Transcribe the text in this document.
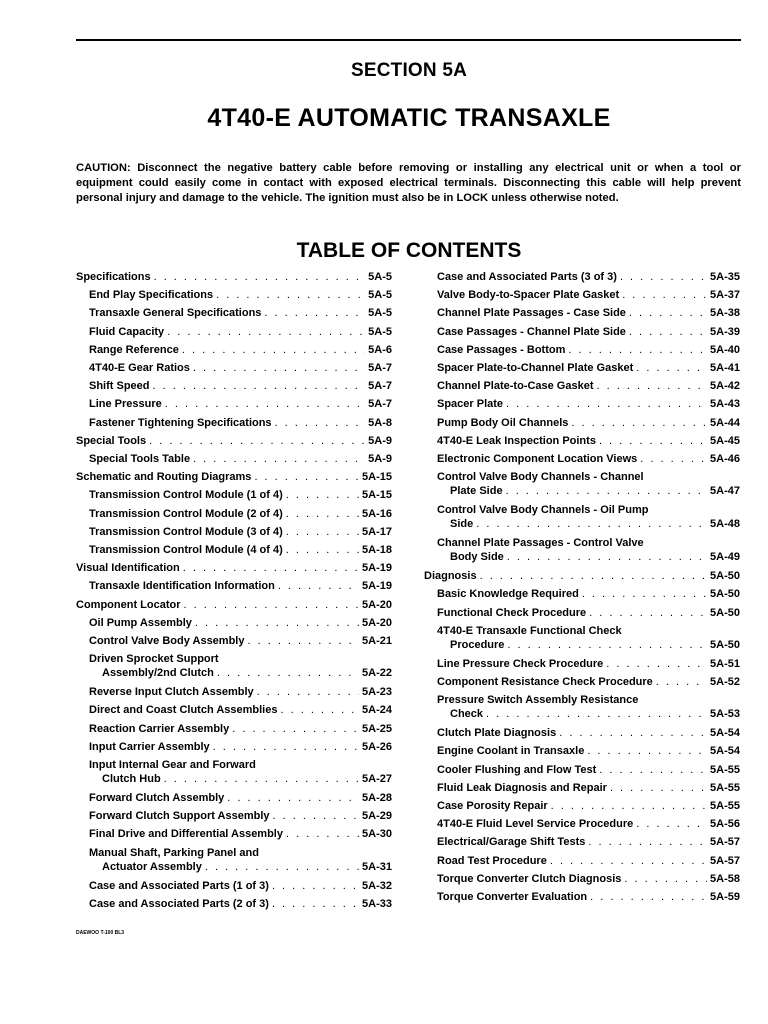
SECTION 5A
4T40-E AUTOMATIC TRANSAXLE
CAUTION: Disconnect the negative battery cable before removing or installing any electrical unit or when a tool or equipment could easily come in contact with exposed electrical terminals. Disconnecting this cable will help prevent personal injury and damage to the vehicle. The ignition must also be in LOCK unless otherwise noted.
TABLE OF CONTENTS
Specifications . . .	5A-5
End Play Specifications . . .	5A-5
Transaxle General Specifications . . .	5A-5
Fluid Capacity . . .	5A-5
Range Reference . . .	5A-6
4T40-E Gear Ratios . . .	5A-7
Shift Speed . . .	5A-7
Line Pressure . . .	5A-7
Fastener Tightening Specifications . . .	5A-8
Special Tools . . .	5A-9
Special Tools Table . . .	5A-9
Schematic and Routing Diagrams . . .	5A-15
Transmission Control Module (1 of 4) . . .	5A-15
Transmission Control Module (2 of 4) . . .	5A-16
Transmission Control Module (3 of 4) . . .	5A-17
Transmission Control Module (4 of 4) . . .	5A-18
Visual Identification . . .	5A-19
Transaxle Identification Information . . .	5A-19
Component Locator . . .	5A-20
Oil Pump Assembly . . .	5A-20
Control Valve Body Assembly . . .	5A-21
Driven Sprocket Support
Assembly/2nd Clutch . . .	5A-22
Reverse Input Clutch Assembly . . .	5A-23
Direct and Coast Clutch Assemblies . . .	5A-24
Reaction Carrier Assembly . . .	5A-25
Input Carrier Assembly . . .	5A-26
Input Internal Gear and Forward
Clutch Hub . . .	5A-27
Forward Clutch Assembly . . .	5A-28
Forward Clutch Support Assembly . . .	5A-29
Final Drive and Differential Assembly . . .	5A-30
Manual Shaft, Parking Panel and
Actuator Assembly . . .	5A-31
Case and Associated Parts (1 of 3) . . .	5A-32
Case and Associated Parts (2 of 3) . . .	5A-33
Case and Associated Parts (3 of 3) . . .	5A-35
Valve Body-to-Spacer Plate Gasket . . .	5A-37
Channel Plate Passages - Case Side . . .	5A-38
Case Passages - Channel Plate Side . . .	5A-39
Case Passages - Bottom . . .	5A-40
Spacer Plate-to-Channel Plate Gasket . . .	5A-41
Channel Plate-to-Case Gasket . . .	5A-42
Spacer Plate . . .	5A-43
Pump Body Oil Channels . . .	5A-44
4T40-E Leak Inspection Points . . .	5A-45
Electronic Component Location Views . . .	5A-46
Control Valve Body Channels - Channel
Plate Side . . .	5A-47
Control Valve Body Channels - Oil Pump
Side . . .	5A-48
Channel Plate Passages - Control Valve
Body Side . . .	5A-49
Diagnosis . . .	5A-50
Basic Knowledge Required . . .	5A-50
Functional Check Procedure . . .	5A-50
4T40-E Transaxle Functional Check
Procedure . . .	5A-50
Line Pressure Check Procedure . . .	5A-51
Component Resistance Check Procedure . . .	5A-52
Pressure Switch Assembly Resistance
Check . . .	5A-53
Clutch Plate Diagnosis . . .	5A-54
Engine Coolant in Transaxle . . .	5A-54
Cooler Flushing and Flow Test . . .	5A-55
Fluid Leak Diagnosis and Repair . . .	5A-55
Case Porosity Repair . . .	5A-55
4T40-E Fluid Level Service Procedure . . .	5A-56
Electrical/Garage Shift Tests . . .	5A-57
Road Test Procedure . . .	5A-57
Torque Converter Clutch Diagnosis . . .	5A-58
Torque Converter Evaluation . . .	5A-59
DAEWOO T-100 BL3
